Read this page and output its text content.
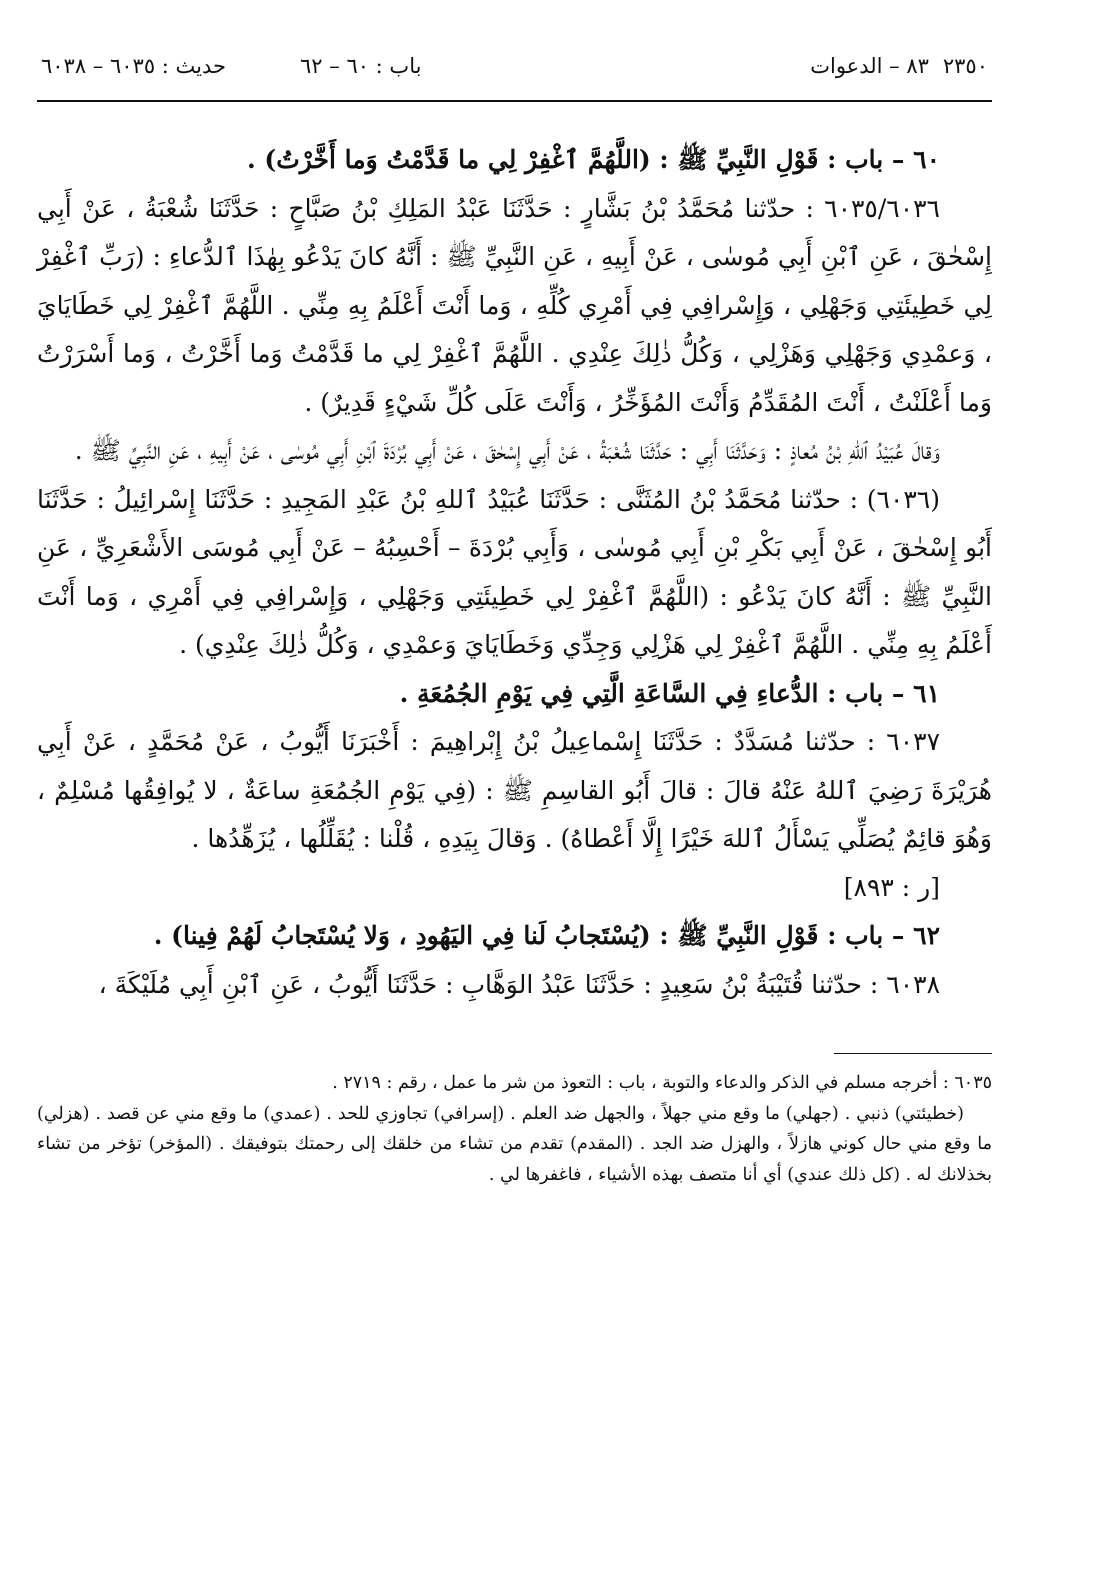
٢٣٥٠
٨٣ – الدعوات
باب : ٦٠ – ٦٢
حديث : ٦٠٣٥ – ٦٠٣٨

٦٠ – باب : قَوْلِ النَّبِيِّ ﷺ : (اللَّهُمَّ ٱغْفِرْ لِي ما قَدَّمْتُ وَما أَخَّرْتُ) .

٦٠٣٥/٦٠٣٦ : حدّثنا مُحَمَّدُ بْنُ بَشَّارٍ : حَدَّثَنَا عَبْدُ المَلِكِ بْنُ صَبَّاحٍ : حَدَّثَنَا شُعْبَةُ ، عَنْ أَبِي إِسْحٰقَ ، عَنِ ٱبْنِ أَبِي مُوسٰى ، عَنْ أَبِيهِ ، عَنِ النَّبِيِّ ﷺ : أَنَّهُ كانَ يَدْعُو بِهٰذَا ٱلدُّعاءِ : (رَبِّ ٱغْفِرْ لِي خَطِيئَتِي وَجَهْلِي ، وَإِسْرافِي فِي أَمْرِي كُلِّهِ ، وَما أَنْتَ أَعْلَمُ بِهِ مِنِّي . اللَّهُمَّ ٱغْفِرْ لِي خَطَايَايَ ، وَعمْدِي وَجَهْلِي وَهَزْلِي ، وَكُلُّ ذٰلِكَ عِنْدِي . اللَّهُمَّ ٱغْفِرْ لِي ما قَدَّمْتُ وَما أَخَّرْتُ ، وَما أَسْرَرْتُ وَما أَعْلَنْتُ ، أَنْتَ المُقَدِّمُ وَأَنْتَ المُؤَخِّرُ ، وَأَنْتَ عَلَى كُلِّ شَيْءٍ قَدِيرٌ) .

وَقالَ عُبَيْدُ ٱللهِ بْنُ مُعاذٍ : وَحَدَّثَنَا أَبِي : حَدَّثَنَا شُعْبَةُ ، عَنْ أَبِي إِسْحٰقَ ، عَنْ أَبِي بُرْدَةَ ٱبْنِ أَبِي مُوسٰى ، عَنْ أَبِيهِ ، عَنِ النَّبِيِّ ﷺ .

(٦٠٣٦) : حدّثنا مُحَمَّدُ بْنُ المُثَنَّى : حَدَّثَنَا عُبَيْدُ ٱللهِ بْنُ عَبْدِ المَجِيدِ : حَدَّثَنَا إِسْرائِيلُ : حَدَّثَنَا أَبُو إِسْحٰقَ ، عَنْ أَبِي بَكْرِ بْنِ أَبِي مُوسٰى ، وَأَبِي بُرْدَةَ – أَحْسِبُهُ – عَنْ أَبِي مُوسَى الأَشْعَرِيِّ ، عَنِ النَّبِيِّ ﷺ : أَنَّهُ كانَ يَدْعُو : (اللَّهُمَّ ٱغْفِرْ لِي خَطِيئَتِي وَجَهْلِي ، وَإِسْرافِي فِي أَمْرِي ، وَما أَنْتَ أَعْلَمُ بِهِ مِنِّي . اللَّهُمَّ ٱغْفِرْ لِي هَزْلِي وَجِدِّي وَخَطَايَايَ وَعمْدِي ، وَكُلُّ ذٰلِكَ عِنْدِي) .

٦١ – باب : الدُّعاءِ فِي السَّاعَةِ الَّتِي فِي يَوْمِ الجُمُعَةِ .

٦٠٣٧ : حدّثنا مُسَدَّدٌ : حَدَّثَنَا إِسْماعِيلُ بْنُ إِبْراهِيمَ : أَخْبَرَنَا أَيُّوبُ ، عَنْ مُحَمَّدٍ ، عَنْ أَبِي هُرَيْرَةَ رَضِيَ ٱللهُ عَنْهُ قالَ : قالَ أَبُو القاسِمِ ﷺ : (فِي يَوْمِ الجُمُعَةِ ساعَةٌ ، لا يُوافِقُها مُسْلِمٌ ، وَهُوَ قائِمٌ يُصَلِّي يَسْأَلُ ٱللهَ خَيْرًا إِلَّا أَعْطاهُ) . وَقالَ بِيَدِهِ ، قُلْنا : يُقَلِّلُها ، يُزَهِّدُها .

[ر : ٨٩٣]

٦٢ – باب : قَوْلِ النَّبِيِّ ﷺ : (يُسْتَجابُ لَنا فِي اليَهُودِ ، وَلا يُسْتَجابُ لَهُمْ فِينا) .

٦٠٣٨ : حدّثنا قُتَيْبَةُ بْنُ سَعِيدٍ : حَدَّثَنَا عَبْدُ الوَهَّابِ : حَدَّثَنَا أَيُّوبُ ، عَنِ ٱبْنِ أَبِي مُلَيْكَةَ ،

٦٠٣٥ : أخرجه مسلم في الذكر والدعاء والتوبة ، باب : التعوذ من شر ما عمل ، رقم : ٢٧١٩ .

(خطيئتي) ذنبي . (جهلي) ما وقع مني جهلاً ، والجهل ضد العلم . (إسرافي) تجاوزي للحد . (عمدي) ما وقع مني عن قصد . (هزلي) ما وقع مني حال كوني هازلاً ، والهزل ضد الجد . (المقدم) تقدم من تشاء من خلقك إلى رحمتك بتوفيقك . (المؤخر) تؤخر من تشاء بخذلانك له . (كل ذلك عندي) أي أنا متصف بهذه الأشياء ، فاغفرها لي .
